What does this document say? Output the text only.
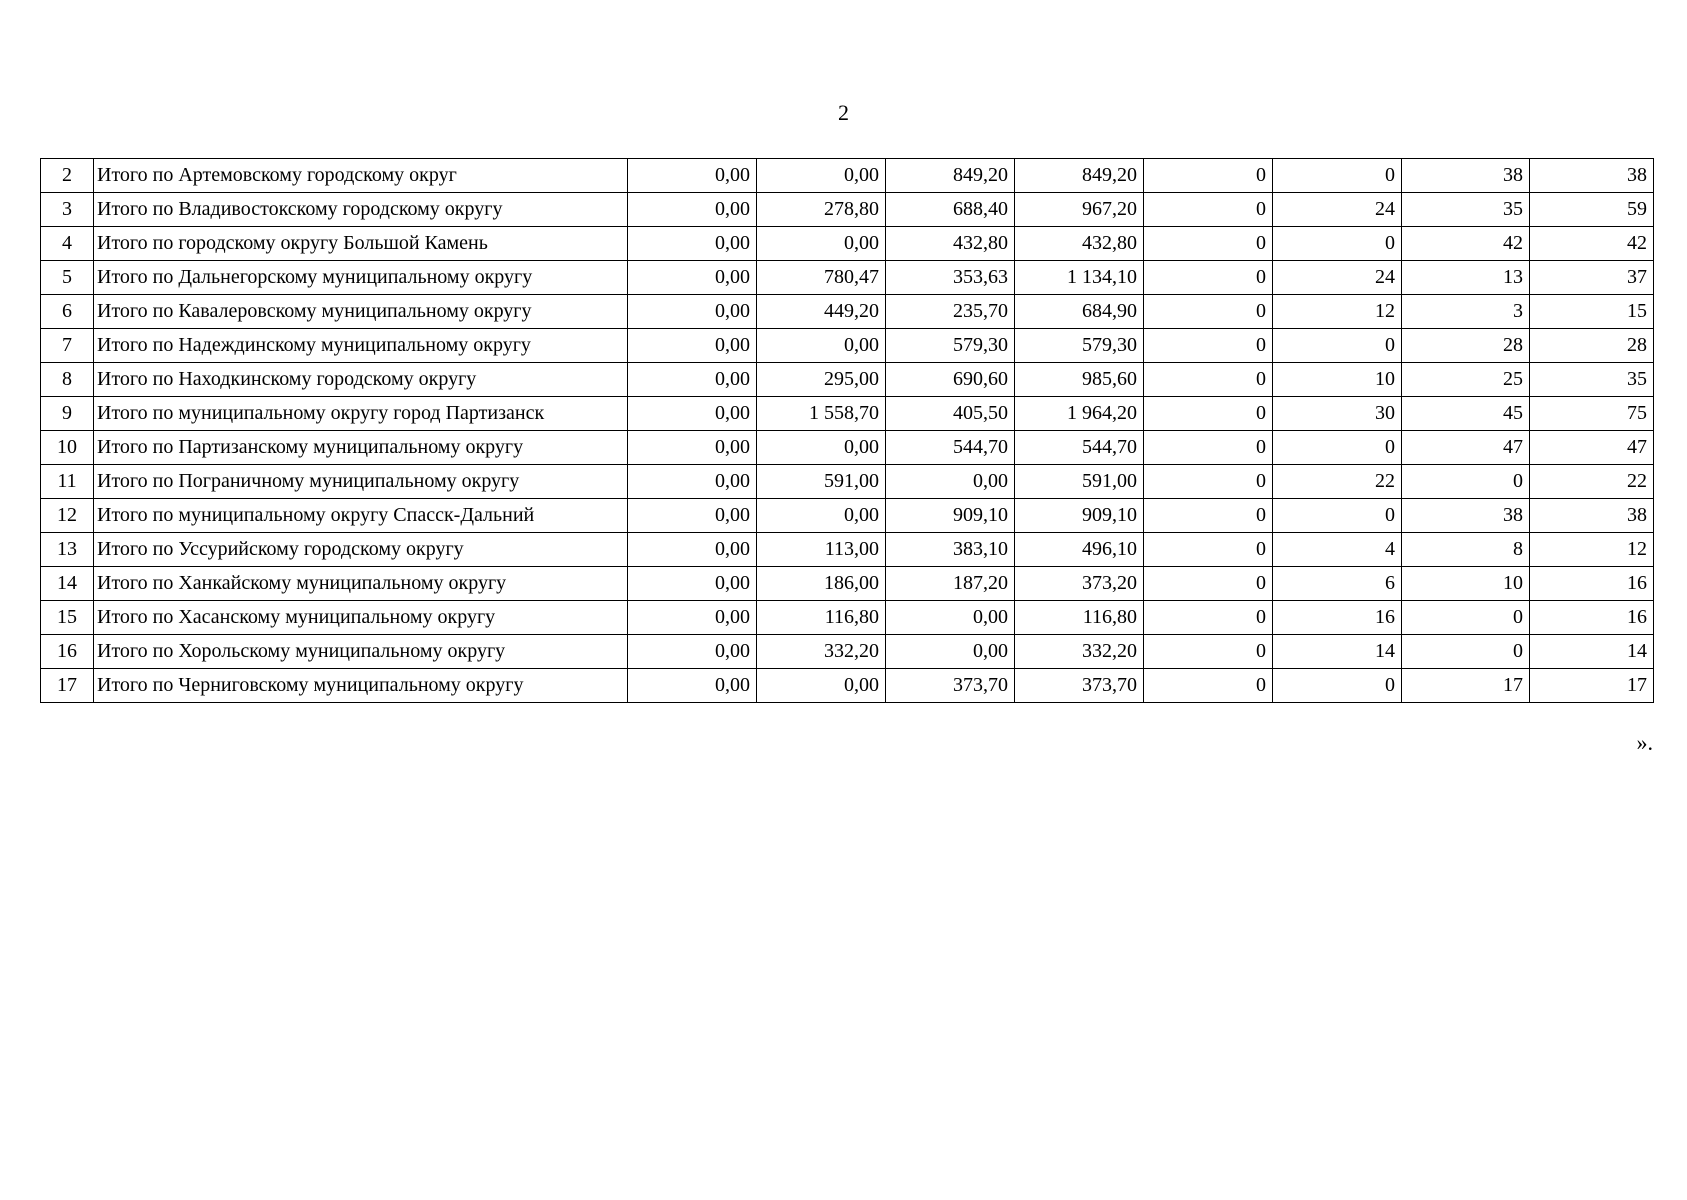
2
2	Итого по Артемовскому городскому округ	0,00	0,00	849,20	849,20	0	0	38	38
3	Итого по Владивостокскому городскому округу	0,00	278,80	688,40	967,20	0	24	35	59
4	Итого по городскому округу Большой Камень	0,00	0,00	432,80	432,80	0	0	42	42
5	Итого по Дальнегорскому муниципальному округу	0,00	780,47	353,63	1 134,10	0	24	13	37
6	Итого по Кавалеровскому муниципальному округу	0,00	449,20	235,70	684,90	0	12	3	15
7	Итого по Надеждинскому муниципальному округу	0,00	0,00	579,30	579,30	0	0	28	28
8	Итого по Находкинскому городскому округу	0,00	295,00	690,60	985,60	0	10	25	35
9	Итого по муниципальному округу город Партизанск	0,00	1 558,70	405,50	1 964,20	0	30	45	75
10	Итого по Партизанскому муниципальному округу	0,00	0,00	544,70	544,70	0	0	47	47
11	Итого по Пограничному муниципальному округу	0,00	591,00	0,00	591,00	0	22	0	22
12	Итого по муниципальному округу Спасск-Дальний	0,00	0,00	909,10	909,10	0	0	38	38
13	Итого по Уссурийскому городскому округу	0,00	113,00	383,10	496,10	0	4	8	12
14	Итого по Ханкайскому муниципальному округу	0,00	186,00	187,20	373,20	0	6	10	16
15	Итого по Хасанскому муниципальному округу	0,00	116,80	0,00	116,80	0	16	0	16
16	Итого по Хорольскому муниципальному округу	0,00	332,20	0,00	332,20	0	14	0	14
17	Итого по Черниговскому муниципальному округу	0,00	0,00	373,70	373,70	0	0	17	17
».
